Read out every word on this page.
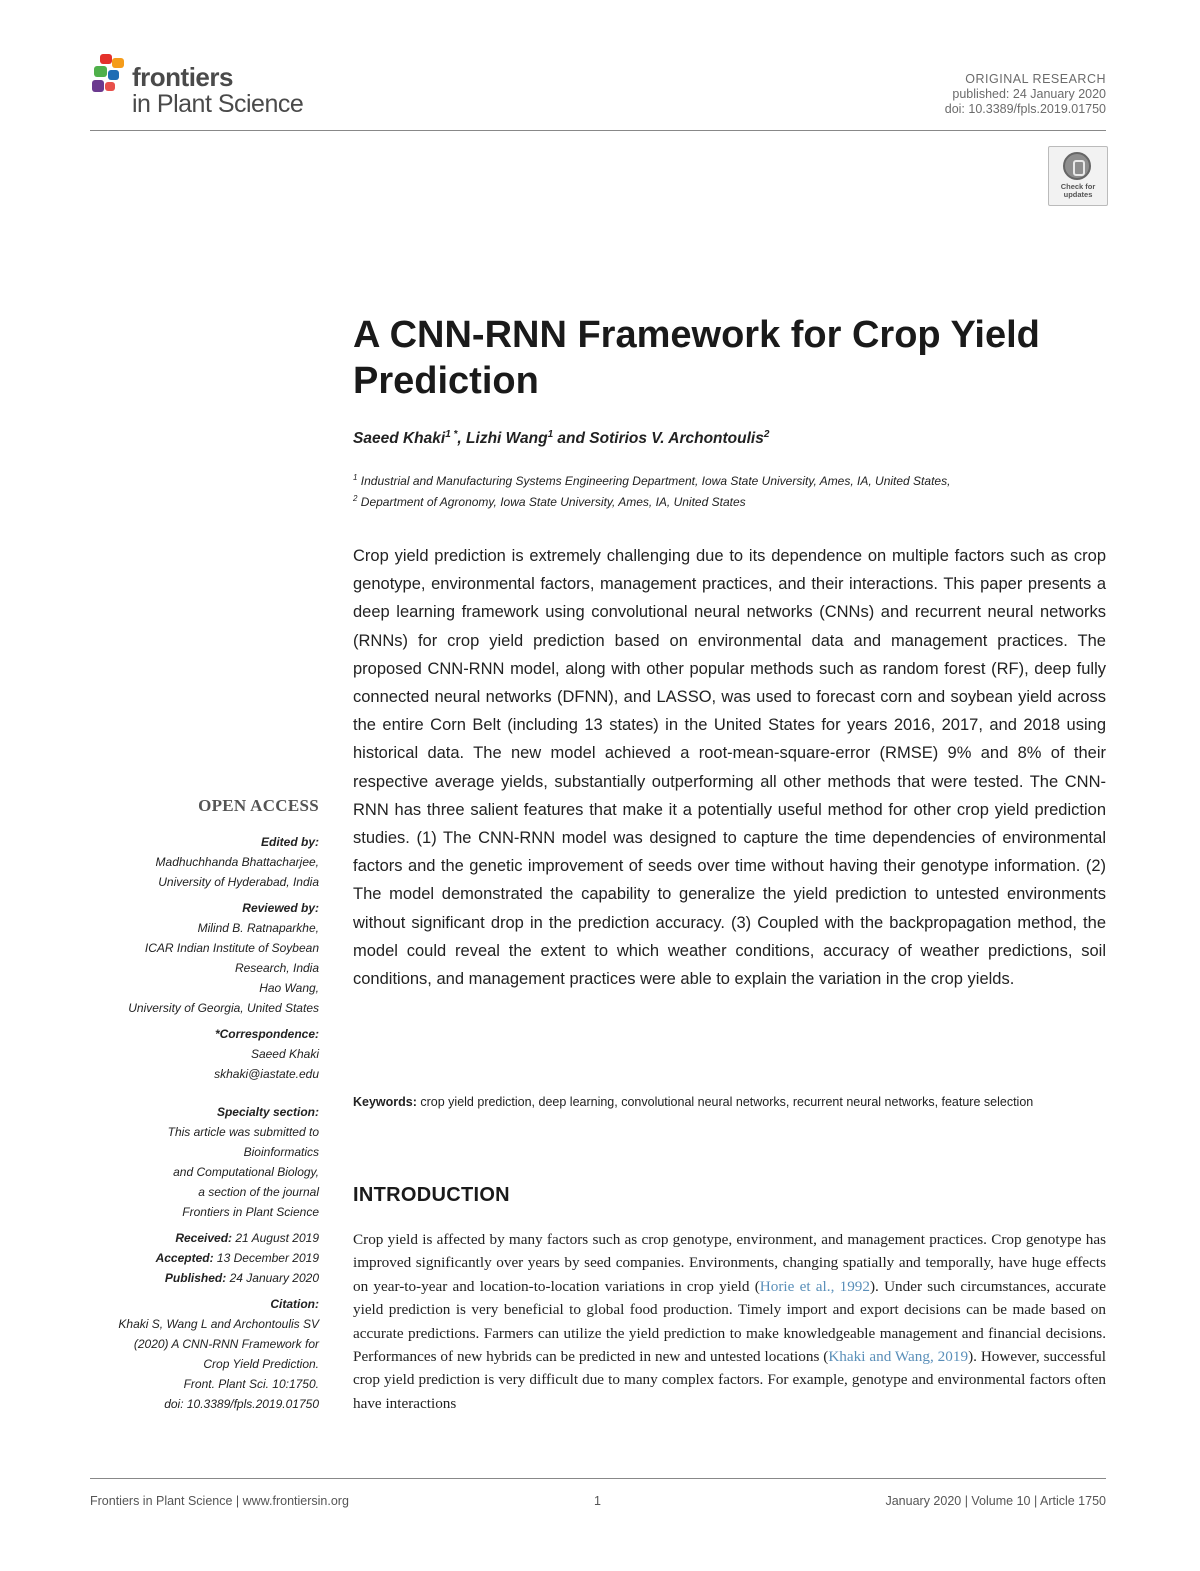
frontiers
in Plant Science
ORIGINAL RESEARCH
published: 24 January 2020
doi: 10.3389/fpls.2019.01750
Check for
updates
A CNN-RNN Framework for Crop Yield Prediction
Saeed Khaki$^{1 *}$, Lizhi Wang$^1$ and Sotirios V. Archontoulis$^2$
$^1$ Industrial and Manufacturing Systems Engineering Department, Iowa State University, Ames, IA, United States,
$^2$ Department of Agronomy, Iowa State University, Ames, IA, United States

Crop yield prediction is extremely challenging due to its dependence on multiple factors such as crop genotype, environmental factors, management practices, and their interactions. This paper presents a deep learning framework using convolutional neural networks (CNNs) and recurrent neural networks (RNNs) for crop yield prediction based on environmental data and management practices. The proposed CNN-RNN model, along with other popular methods such as random forest (RF), deep fully connected neural networks (DFNN), and LASSO, was used to forecast corn and soybean yield across the entire Corn Belt (including 13 states) in the United States for years 2016, 2017, and 2018 using historical data. The new model achieved a root-mean-square-error (RMSE) 9% and 8% of their respective average yields, substantially outperforming all other methods that were tested. The CNN-RNN has three salient features that make it a potentially useful method for other crop yield prediction studies. (1) The CNN-RNN model was designed to capture the time dependencies of environmental factors and the genetic improvement of seeds over time without having their genotype information. (2) The model demonstrated the capability to generalize the yield prediction to untested environments without significant drop in the prediction accuracy. (3) Coupled with the backpropagation method, the model could reveal the extent to which weather conditions, accuracy of weather predictions, soil conditions, and management practices were able to explain the variation in the crop yields.

Keywords: crop yield prediction, deep learning, convolutional neural networks, recurrent neural networks, feature selection

INTRODUCTION

Crop yield is affected by many factors such as crop genotype, environment, and management practices. Crop genotype has improved significantly over years by seed companies. Environments, changing spatially and temporally, have huge effects on year-to-year and location-to-location variations in crop yield (Horie et al., 1992). Under such circumstances, accurate yield prediction is very beneficial to global food production. Timely import and export decisions can be made based on accurate predictions. Farmers can utilize the yield prediction to make knowledgeable management and financial decisions. Performances of new hybrids can be predicted in new and untested locations (Khaki and Wang, 2019). However, successful crop yield prediction is very difficult due to many complex factors. For example, genotype and environmental factors often have interactions

OPEN ACCESS
Edited by:
Madhuchhanda Bhattacharjee,
University of Hyderabad, India
Reviewed by:
Milind B. Ratnaparkhe,
ICAR Indian Institute of Soybean
Research, India
Hao Wang,
University of Georgia, United States
*Correspondence:
Saeed Khaki
skhaki@iastate.edu
Specialty section:
This article was submitted to
Bioinformatics
and Computational Biology,
a section of the journal
Frontiers in Plant Science
Received: 21 August 2019
Accepted: 13 December 2019
Published: 24 January 2020
Citation:
Khaki S, Wang L and Archontoulis SV
(2020) A CNN-RNN Framework for
Crop Yield Prediction.
Front. Plant Sci. 10:1750.
doi: 10.3389/fpls.2019.01750
Frontiers in Plant Science | www.frontiersin.org	1	January 2020 | Volume 10 | Article 1750
